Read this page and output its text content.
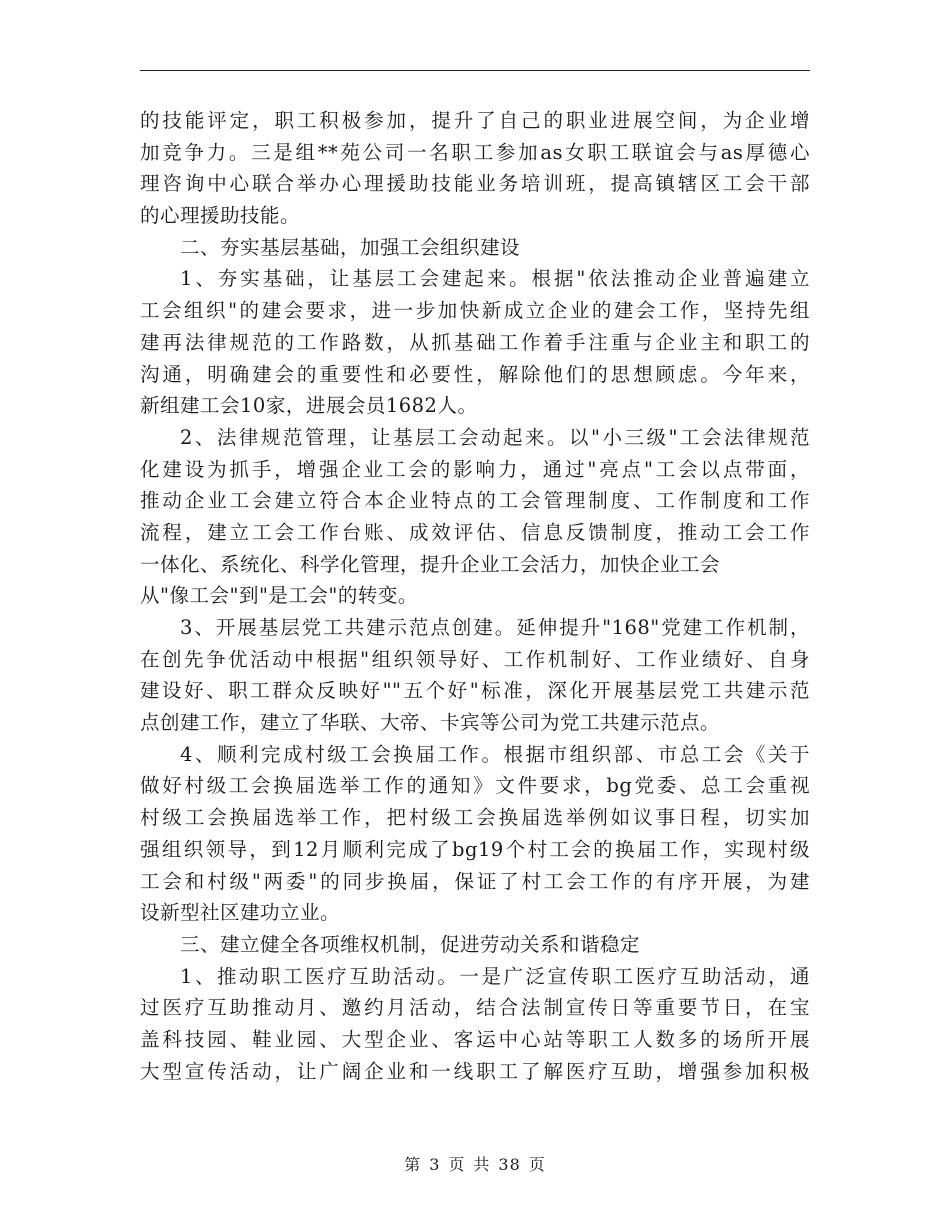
的技能评定，职工积极参加，提升了自己的职业进展空间，为企业增
加竞争力。三是组**苑公司一名职工参加as女职工联谊会与as厚德心
理咨询中心联合举办心理援助技能业务培训班，提高镇辖区工会干部
的心理援助技能。
二、夯实基层基础，加强工会组织建设
1、夯实基础，让基层工会建起来。根据"依法推动企业普遍建立
工会组织"的建会要求，进一步加快新成立企业的建会工作，坚持先组
建再法律规范的工作路数，从抓基础工作着手注重与企业主和职工的
沟通，明确建会的重要性和必要性，解除他们的思想顾虑。今年来，
新组建工会10家，进展会员1682人。
2、法律规范管理，让基层工会动起来。以"小三级"工会法律规范
化建设为抓手，增强企业工会的影响力，通过"亮点"工会以点带面，
推动企业工会建立符合本企业特点的工会管理制度、工作制度和工作
流程，建立工会工作台账、成效评估、信息反馈制度，推动工会工作
一体化、系统化、科学化管理，提升企业工会活力，加快企业工会
从"像工会"到"是工会"的转变。
3、开展基层党工共建示范点创建。延伸提升"168"党建工作机制，
在创先争优活动中根据"组织领导好、工作机制好、工作业绩好、自身
建设好、职工群众反映好""五个好"标准，深化开展基层党工共建示范
点创建工作，建立了华联、大帝、卡宾等公司为党工共建示范点。
4、顺利完成村级工会换届工作。根据市组织部、市总工会《关于
做好村级工会换届选举工作的通知》文件要求，bg党委、总工会重视
村级工会换届选举工作，把村级工会换届选举例如议事日程，切实加
强组织领导，到12月顺利完成了bg19个村工会的换届工作，实现村级
工会和村级"两委"的同步换届，保证了村工会工作的有序开展，为建
设新型社区建功立业。
三、建立健全各项维权机制，促进劳动关系和谐稳定
1、推动职工医疗互助活动。一是广泛宣传职工医疗互助活动，通
过医疗互助推动月、邀约月活动，结合法制宣传日等重要节日，在宝
盖科技园、鞋业园、大型企业、客运中心站等职工人数多的场所开展
大型宣传活动，让广阔企业和一线职工了解医疗互助，增强参加积极
第 3 页 共 38 页
